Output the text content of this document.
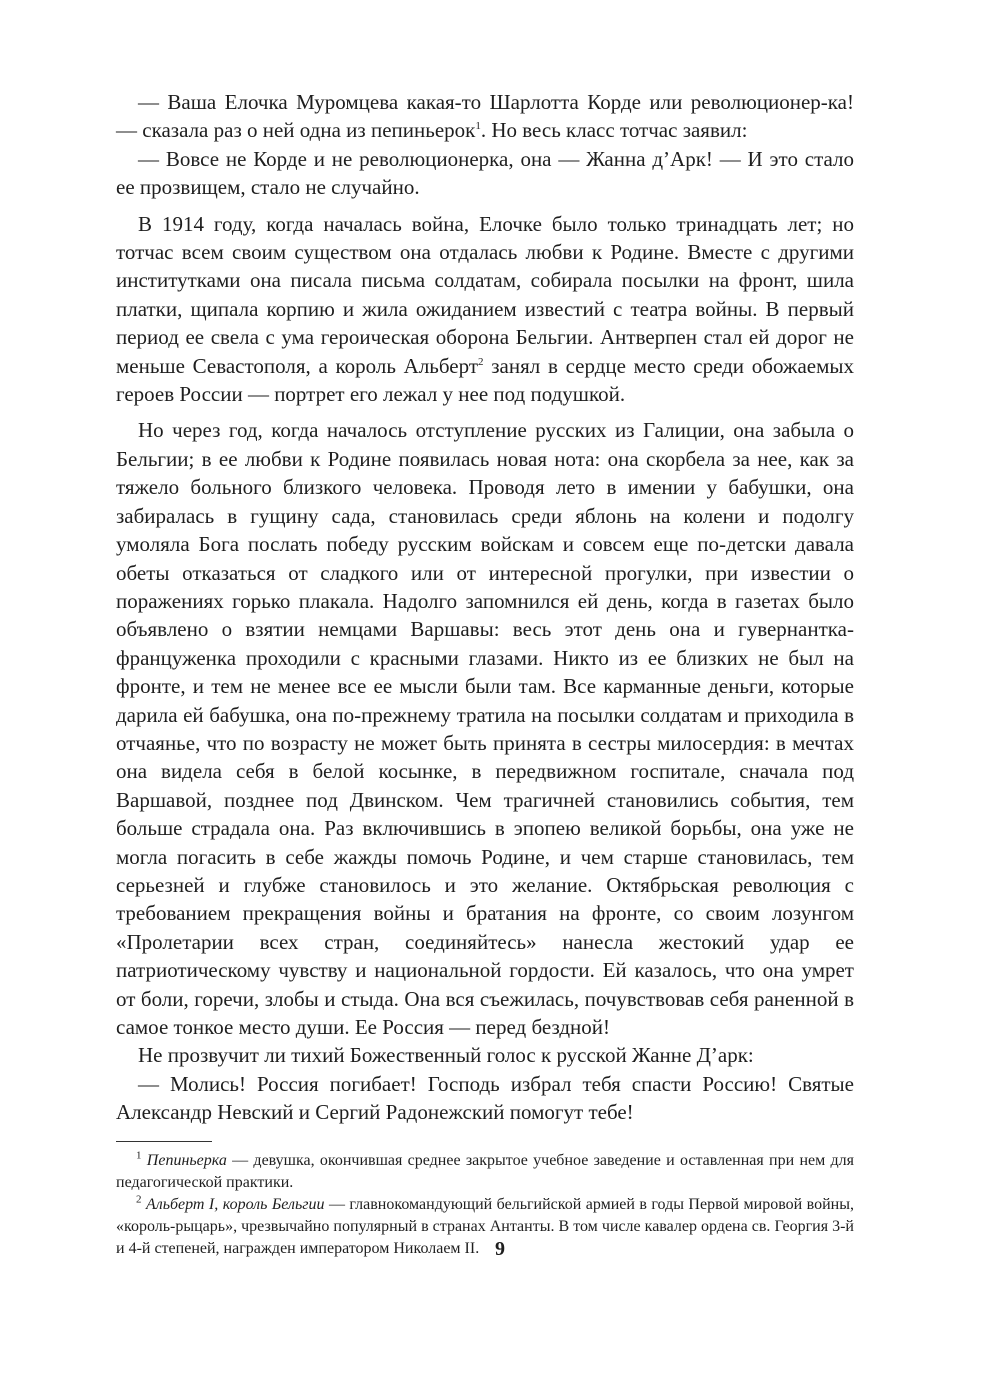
— Ваша Елочка Муромцева какая-то Шарлотта Корде или революционер-ка! — сказала раз о ней одна из пепиньерок$^1$. Но весь класс тотчас заявил:

— Вовсе не Корде и не революционерка, она — Жанна д’Арк! — И это стало ее прозвищем, стало не случайно.

В 1914 году, когда началась война, Елочке было только тринадцать лет; но тотчас всем своим существом она отдалась любви к Родине. Вместе с другими институтками она писала письма солдатам, собирала посылки на фронт, шила платки, щипала корпию и жила ожиданием известий с театра войны. В первый период ее свела с ума героическая оборона Бельгии. Антверпен стал ей дорог не меньше Севастополя, а король Альберт$^2$ занял в сердце место среди обожаемых героев России — портрет его лежал у нее под подушкой.

Но через год, когда началось отступление русских из Галиции, она забыла о Бельгии; в ее любви к Родине появилась новая нота: она скорбела за нее, как за тяжело больного близкого человека. Проводя лето в имении у бабушки, она забиралась в гущину сада, становилась среди яблонь на колени и подолгу умоляла Бога послать победу русским войскам и совсем еще по-детски давала обеты отказаться от сладкого или от интересной прогулки, при известии о поражениях горько плакала. Надолго запомнился ей день, когда в газетах было объявлено о взятии немцами Варшавы: весь этот день она и гувернантка-француженка проходили с красными глазами. Никто из ее близких не был на фронте, и тем не менее все ее мысли были там. Все карманные деньги, которые дарила ей бабушка, она по-прежнему тратила на посылки солдатам и приходила в отчаянье, что по возрасту не может быть принята в сестры милосердия: в мечтах она видела себя в белой косынке, в передвижном госпитале, сначала под Варшавой, позднее под Двинском. Чем трагичней становились события, тем больше страдала она. Раз включившись в эпопею великой борьбы, она уже не могла погасить в себе жажды помочь Родине, и чем старше становилась, тем серьезней и глубже становилось и это желание. Октябрьская революция с требованием прекращения войны и братания на фронте, со своим лозунгом «Пролетарии всех стран, соединяйтесь» нанесла жестокий удар ее патриотическому чувству и национальной гордости. Ей казалось, что она умрет от боли, горечи, злобы и стыда. Она вся съежилась, почувствовав себя раненной в самое тонкое место души. Ее Россия — перед бездной!

Не прозвучит ли тихий Божественный голос к русской Жанне Д’арк:

— Молись! Россия погибает! Господь избрал тебя спасти Россию! Святые Александр Невский и Сергий Радонежский помогут тебе!

$^1$ Пепиньерка — девушка, окончившая среднее закрытое учебное заведение и оставленная при нем для педагогической практики.

$^2$ Альберт I, король Бельгии — главнокомандующий бельгийской армией в годы Первой мировой войны, «король-рыцарь», чрезвычайно популярный в странах Антанты. В том числе кавалер ордена св. Георгия 3-й и 4-й степеней, награжден императором Николаем II. 9
